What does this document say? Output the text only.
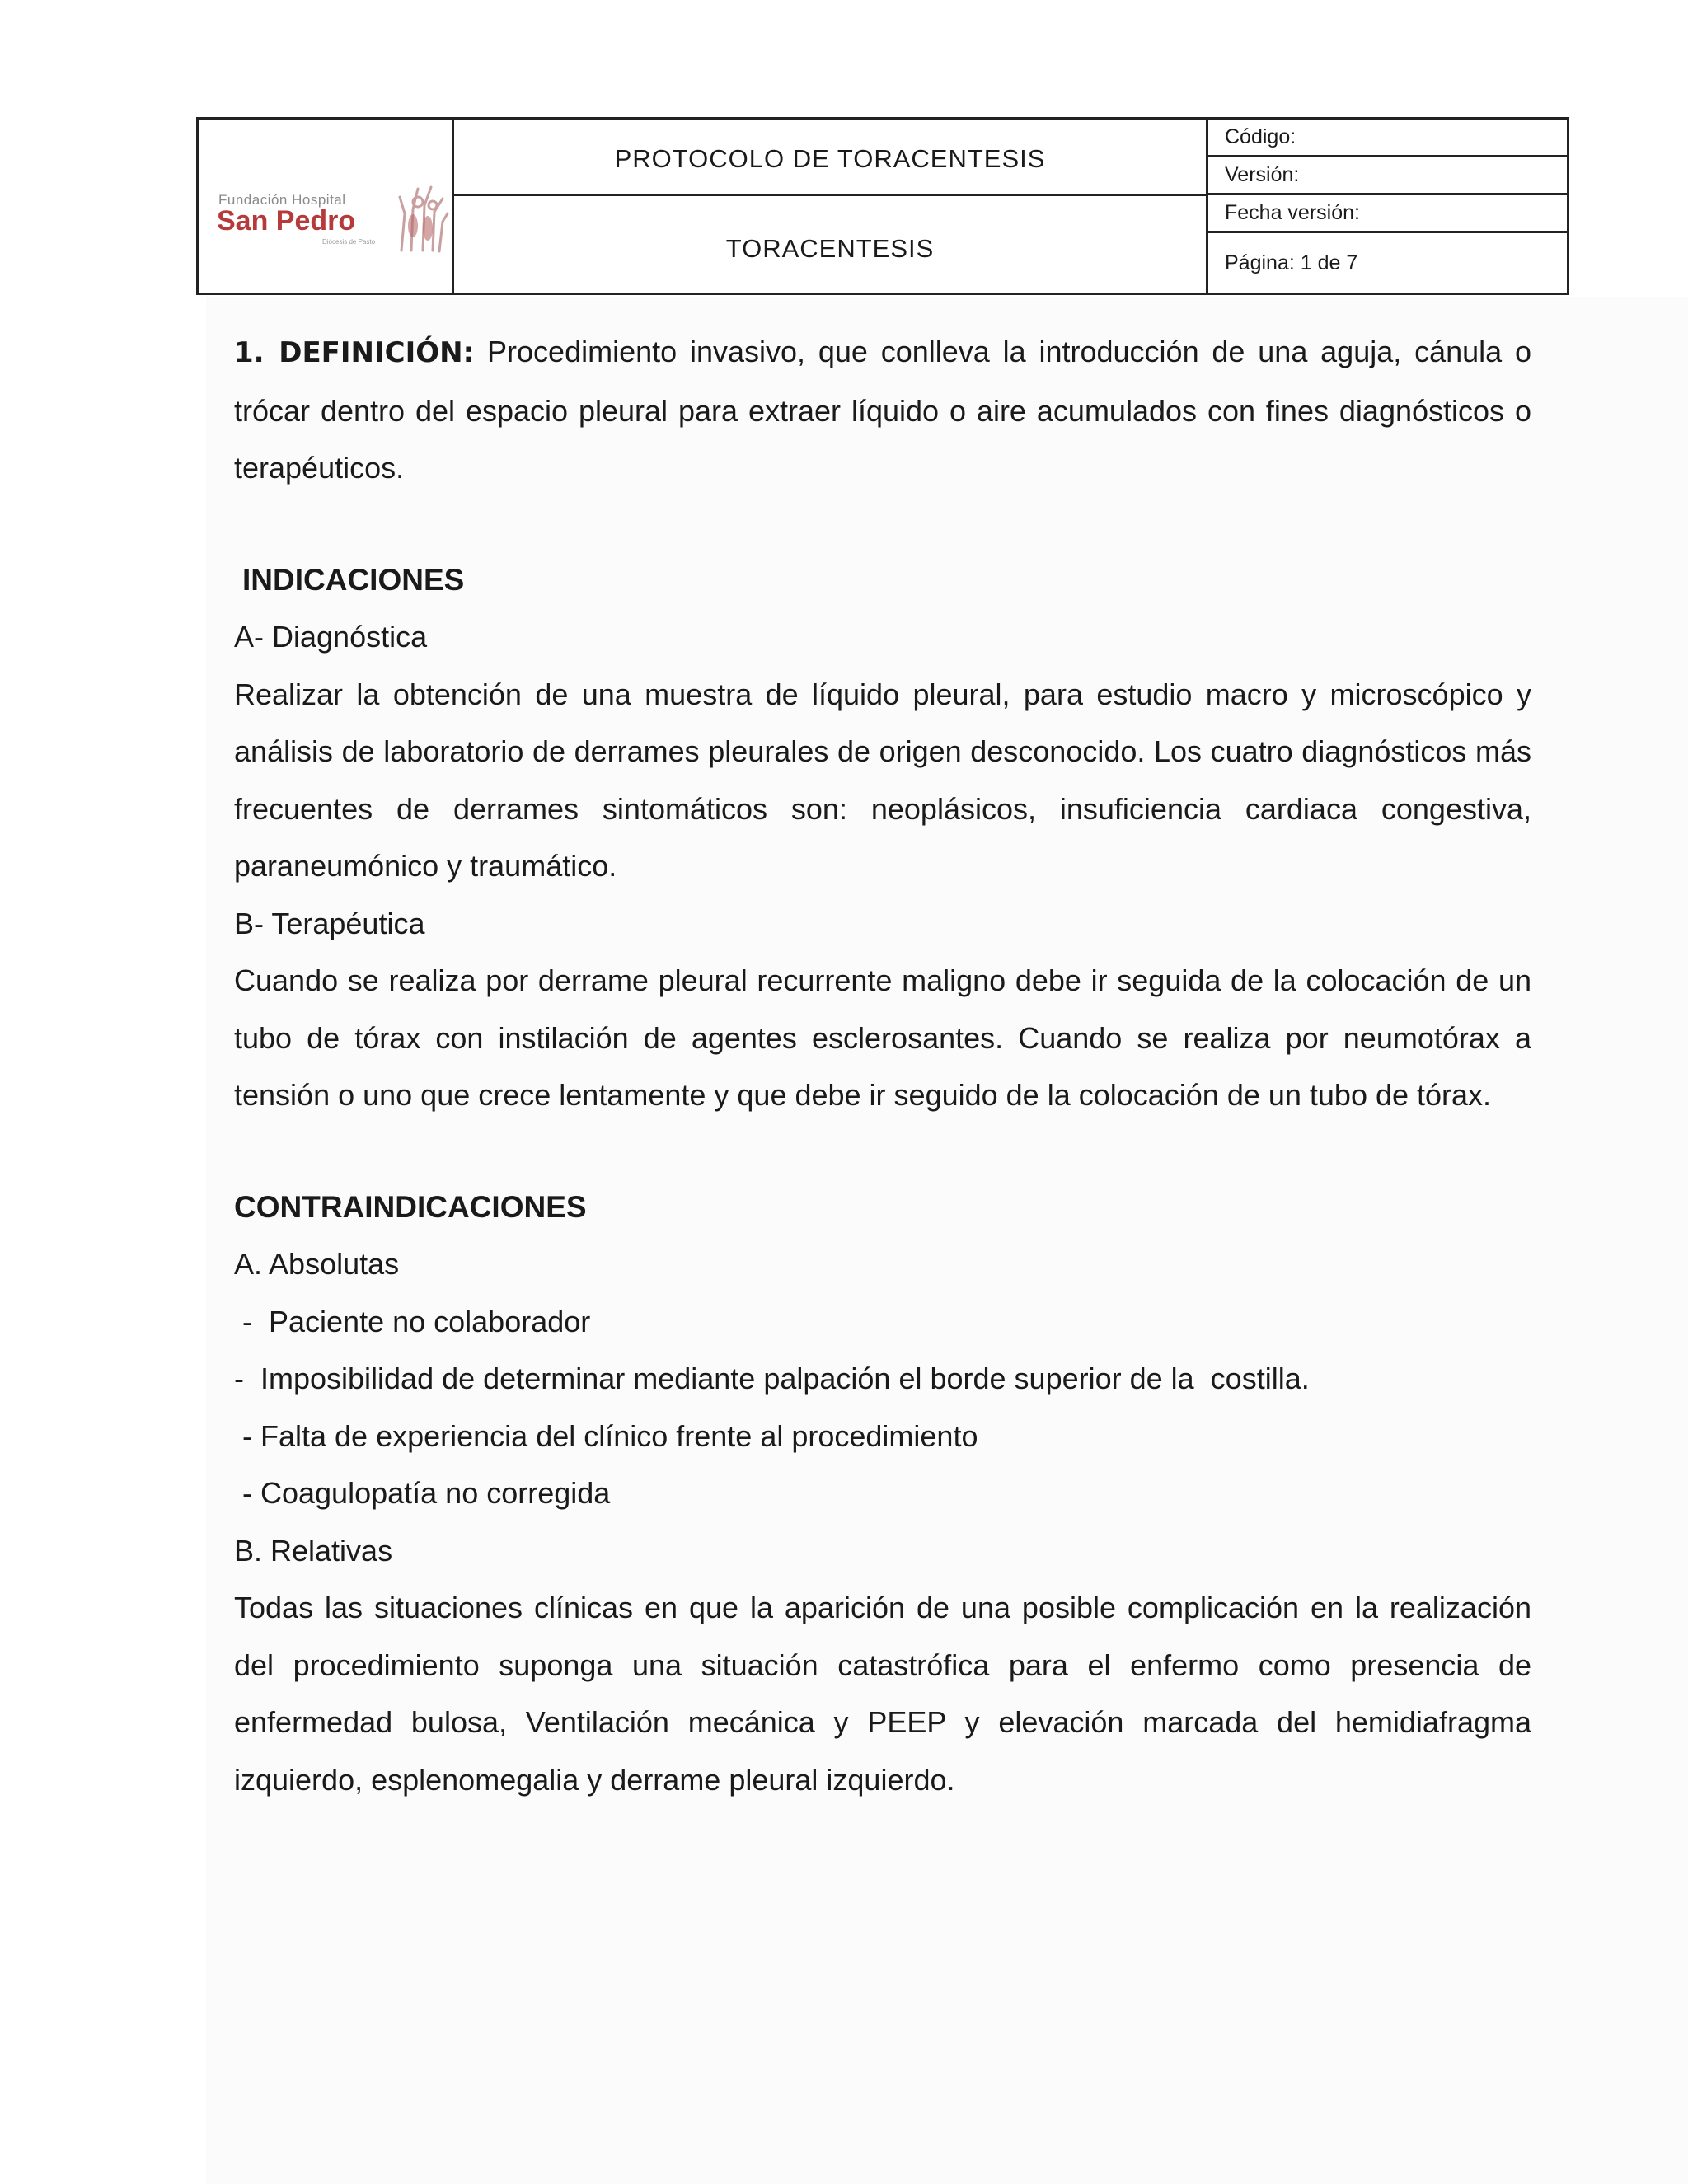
Fundación Hospital
San Pedro
Diócesis de Pasto
PROTOCOLO DE TORACENTESIS
TORACENTESIS
Código:
Versión:
Fecha versión:
Página: 1 de 7

1. DEFINICIÓN: Procedimiento invasivo, que conlleva la introducción de una aguja, cánula o trócar dentro del espacio pleural para extraer líquido o aire acumulados con fines diagnósticos o terapéuticos.

INDICACIONES

A- Diagnóstica

Realizar la obtención de una muestra de líquido pleural, para estudio macro y microscópico y análisis de laboratorio de derrames pleurales de origen desconocido. Los cuatro diagnósticos más frecuentes de derrames sintomáticos son: neoplásicos, insuficiencia cardiaca congestiva, paraneumónico y traumático.

B- Terapéutica

Cuando se realiza por derrame pleural recurrente maligno debe ir seguida de la colocación de un tubo de tórax con instilación de agentes esclerosantes. Cuando se realiza por neumotórax a tensión o uno que crece lentamente y que debe ir seguido de la colocación de un tubo de tórax.

CONTRAINDICACIONES

A. Absolutas

-  Paciente no colaborador

-  Imposibilidad de determinar mediante palpación el borde superior de la  costilla.

- Falta de experiencia del clínico frente al procedimiento

- Coagulopatía no corregida

B. Relativas

Todas las situaciones clínicas en que la aparición de una posible complicación en la realización del procedimiento suponga una situación catastrófica para el enfermo como presencia de enfermedad bulosa, Ventilación mecánica y PEEP y elevación marcada del hemidiafragma izquierdo, esplenomegalia y derrame pleural izquierdo.
